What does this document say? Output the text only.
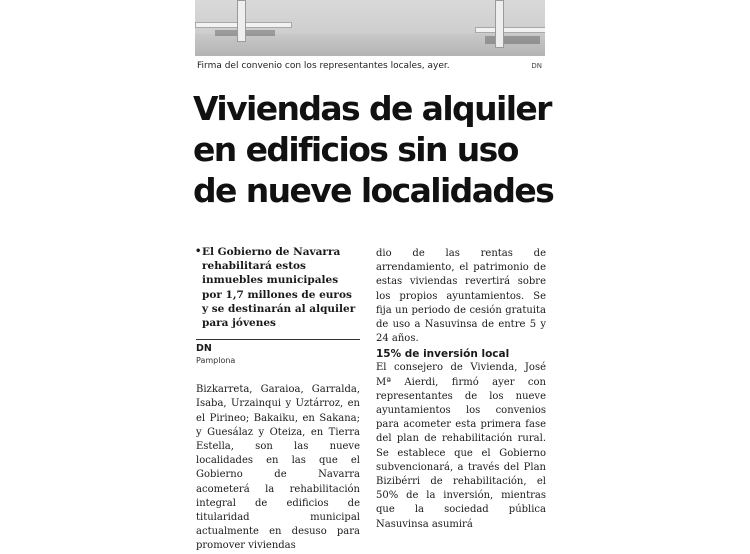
Firma del convenio con los representantes locales, ayer.	DN
Viviendas de alquiler
en edificios sin uso
de nueve localidades

• El Gobierno de Navarra rehabilitará estos inmuebles municipales por 1,7 millones de euros y se destinarán al alquiler para jóvenes

DN

Pamplona

Bizkarreta, Garaioa, Garralda, Isaba, Urzainqui y Uztárroz, en el Pirineo; Bakaiku, en Sakana; y Guesálaz y Oteiza, en Tierra Estella, son las nueve localidades en las que el Gobierno de Navarra acometerá la rehabilitación integral de edificios de titularidad municipal actualmente en desuso para promover viviendas

dio de las rentas de arrendamiento, el patrimonio de estas viviendas revertirá sobre los propios ayuntamientos. Se fija un periodo de cesión gratuita de uso a Nasuvinsa de entre 5 y 24 años.

15% de inversión local

El consejero de Vivienda, José Mª Aierdi, firmó ayer con representantes de los nueve ayuntamientos los convenios para acometer esta primera fase del plan de rehabilitación rural. Se establece que el Gobierno subvencionará, a través del Plan Bizibérri de rehabilitación, el 50% de la inversión, mientras que la sociedad pública Nasuvinsa asumirá
